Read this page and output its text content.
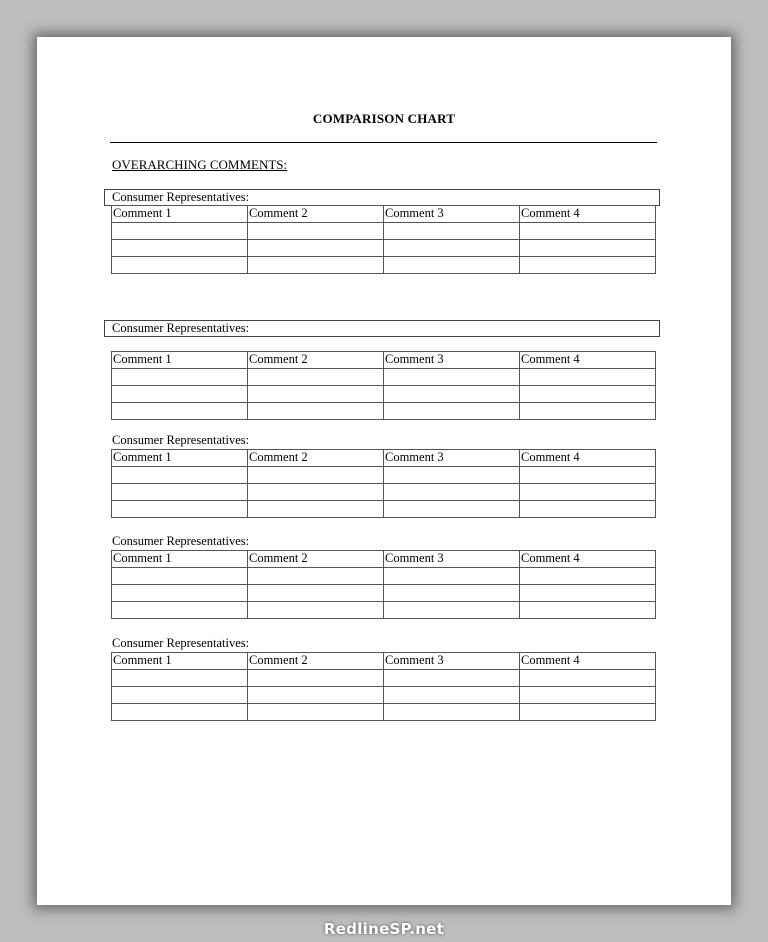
COMPARISON CHART
OVERARCHING COMMENTS:
Consumer Representatives:
Comment 1	Comment 2	Comment 3	Comment 4

Consumer Representatives:
Comment 1	Comment 2	Comment 3	Comment 4

Consumer Representatives:
Comment 1	Comment 2	Comment 3	Comment 4

Consumer Representatives:
Comment 1	Comment 2	Comment 3	Comment 4

Consumer Representatives:
Comment 1	Comment 2	Comment 3	Comment 4

RedlineSP.net
